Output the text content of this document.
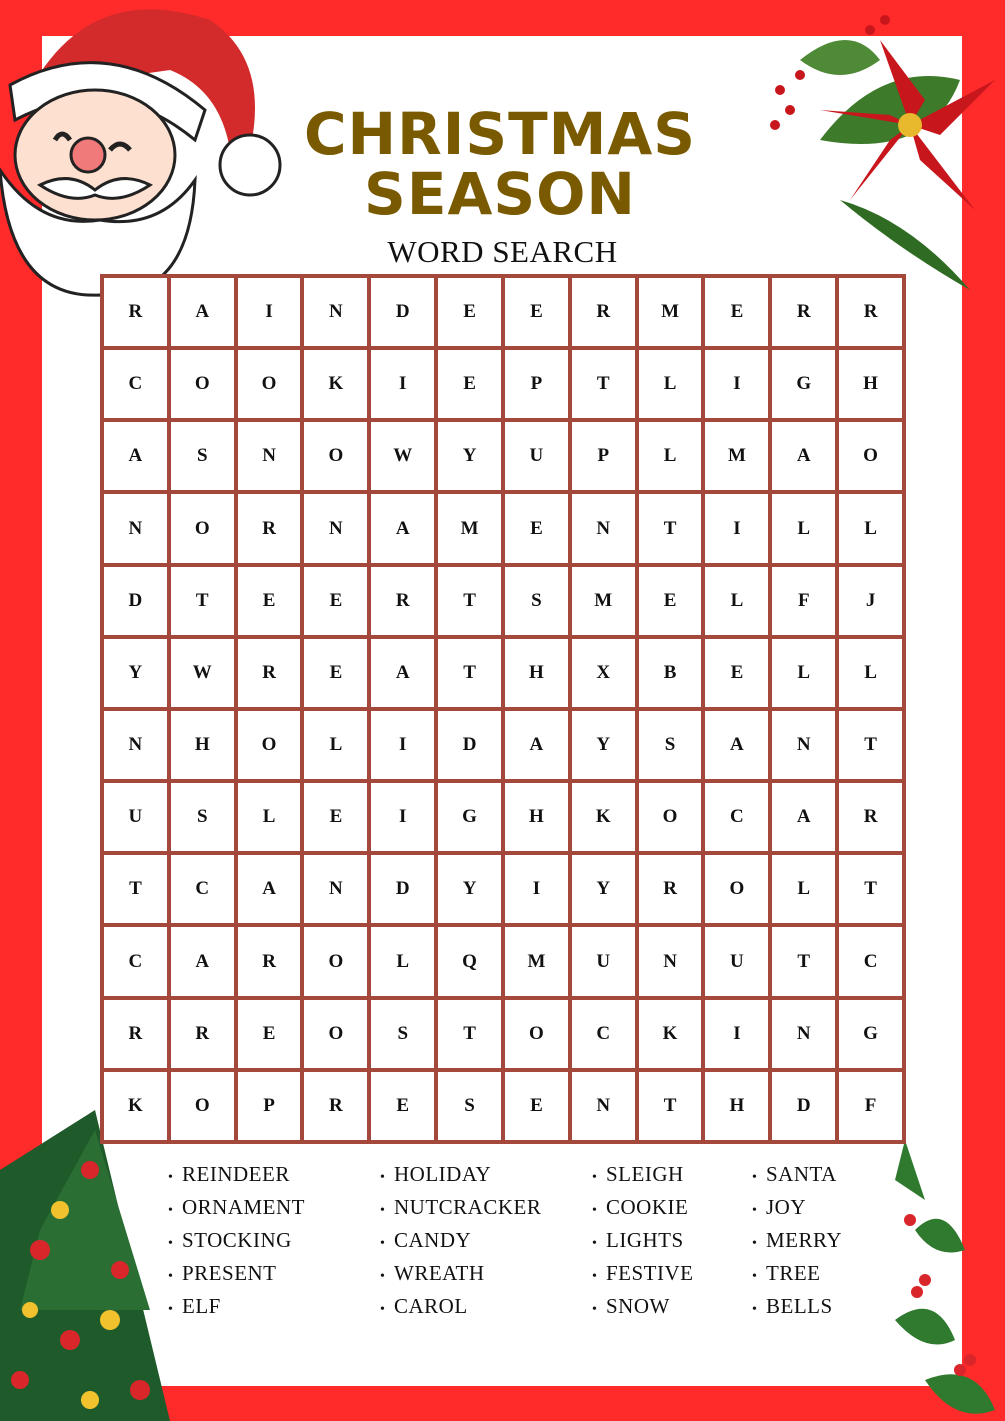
CHRISTMAS
SEASON
WORD SEARCH
R	A	I	N	D	E	E	R	M	E	R	R
C	O	O	K	I	E	P	T	L	I	G	H
A	S	N	O	W	Y	U	P	L	M	A	O
N	O	R	N	A	M	E	N	T	I	L	L
D	T	E	E	R	T	S	M	E	L	F	J
Y	W	R	E	A	T	H	X	B	E	L	L
N	H	O	L	I	D	A	Y	S	A	N	T
U	S	L	E	I	G	H	K	O	C	A	R
T	C	A	N	D	Y	I	Y	R	O	L	T
C	A	R	O	L	Q	M	U	N	U	T	C
R	R	E	O	S	T	O	C	K	I	N	G
K	O	P	R	E	S	E	N	T	H	D	F
• REINDEER
• ORNAMENT
• STOCKING
• PRESENT
• ELF
• HOLIDAY
• NUTCRACKER
• CANDY
• WREATH
• CAROL
• SLEIGH
• COOKIE
• LIGHTS
• FESTIVE
• SNOW
• SANTA
• JOY
• MERRY
• TREE
• BELLS
